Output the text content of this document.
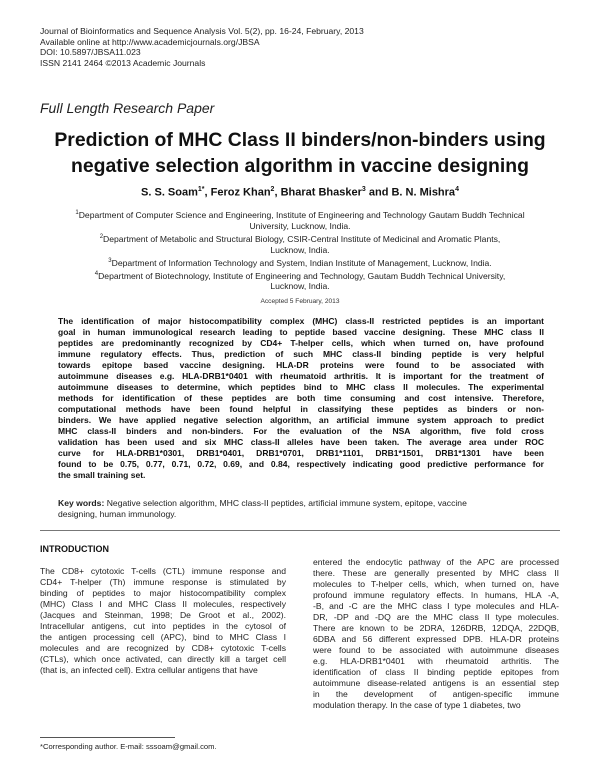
Journal of Bioinformatics and Sequence Analysis Vol. 5(2), pp. 16-24, February, 2013
Available online at http://www.academicjournals.org/JBSA
DOI: 10.5897/JBSA11.023
ISSN 2141 2464 ©2013 Academic Journals
Full Length Research Paper
Prediction of MHC Class II binders/non-binders using
negative selection algorithm in vaccine designing
S. S. Soam$^{1*}$, Feroz Khan$^2$, Bharat Bhasker$^3$ and B. N. Mishra$^4$
$^1$Department of Computer Science and Engineering, Institute of Engineering and Technology Gautam Buddh Technical
University, Lucknow, India.
$^2$Department of Metabolic and Structural Biology, CSIR-Central Institute of Medicinal and Aromatic Plants,
Lucknow, India.
$^3$Department of Information Technology and System, Indian Institute of Management, Lucknow, India.
$^4$Department of Biotechnology, Institute of Engineering and Technology, Gautam Buddh Technical University,
Lucknow, India.
Accepted 5 February, 2013
The identification of major histocompatibility complex (MHC) class-II restricted peptides is an important
goal in human immunological research leading to peptide based vaccine designing. These MHC class II
peptides are predominantly recognized by CD4+ T-helper cells, which when turned on, have profound
immune regulatory effects. Thus, prediction of such MHC class-II binding peptide is very helpful
towards epitope based vaccine designing. HLA-DR proteins were found to be associated with
autoimmune diseases e.g. HLA-DRB1*0401 with rheumatoid arthritis. It is important for the treatment of
autoimmune diseases to determine, which peptides bind to MHC class II molecules. The experimental
methods for identification of these peptides are both time consuming and cost intensive. Therefore,
computational methods have been found helpful in classifying these peptides as binders or non-
binders. We have applied negative selection algorithm, an artificial immune system approach to predict
MHC class-II binders and non-binders. For the evaluation of the NSA algorithm, five fold cross
validation has been used and six MHC class-II alleles have been taken. The average area under ROC
curve for HLA-DRB1*0301, DRB1*0401, DRB1*0701, DRB1*1101, DRB1*1501, DRB1*1301 have been
found to be 0.75, 0.77, 0.71, 0.72, 0.69, and 0.84, respectively indicating good predictive performance for
the small training set.
Key words: Negative selection algorithm, MHC class-II peptides, artificial immune system, epitope, vaccine
designing, human immunology.
INTRODUCTION
The CD8+ cytotoxic T-cells (CTL) immune response and
CD4+ T-helper (Th) immune response is stimulated by
binding of peptides to major histocompatibility complex
(MHC) Class I and MHC Class II molecules, respectively
(Jacques and Steinman, 1998; De Groot et al., 2002).
Intracellular antigens, cut into peptides in the cytosol of
the antigen processing cell (APC), bind to MHC Class I
molecules and are recognized by CD8+ cytotoxic T-cells
(CTLs), which once activated, can directly kill a target cell
(that is, an infected cell). Extra cellular antigens that have
entered the endocytic pathway of the APC are processed
there. These are generally presented by MHC class II
molecules to T-helper cells, which, when turned on, have
profound immune regulatory effects. In humans, HLA -A,
-B, and -C are the MHC class I type molecules and HLA-
DR, -DP and -DQ are the MHC class II type molecules.
There are known to be 2DRA, 126DRB, 12DQA, 22DQB,
6DBA and 56 different expressed DPB. HLA-DR proteins
were found to be associated with autoimmune diseases
e.g. HLA-DRB1*0401 with rheumatoid arthritis. The
identification of class II binding peptide epitopes from
autoimmune disease-related antigens is an essential step
in the development of antigen-specific immune
modulation therapy. In the case of type 1 diabetes, two
*Corresponding author. E-mail: sssoam@gmail.com.
